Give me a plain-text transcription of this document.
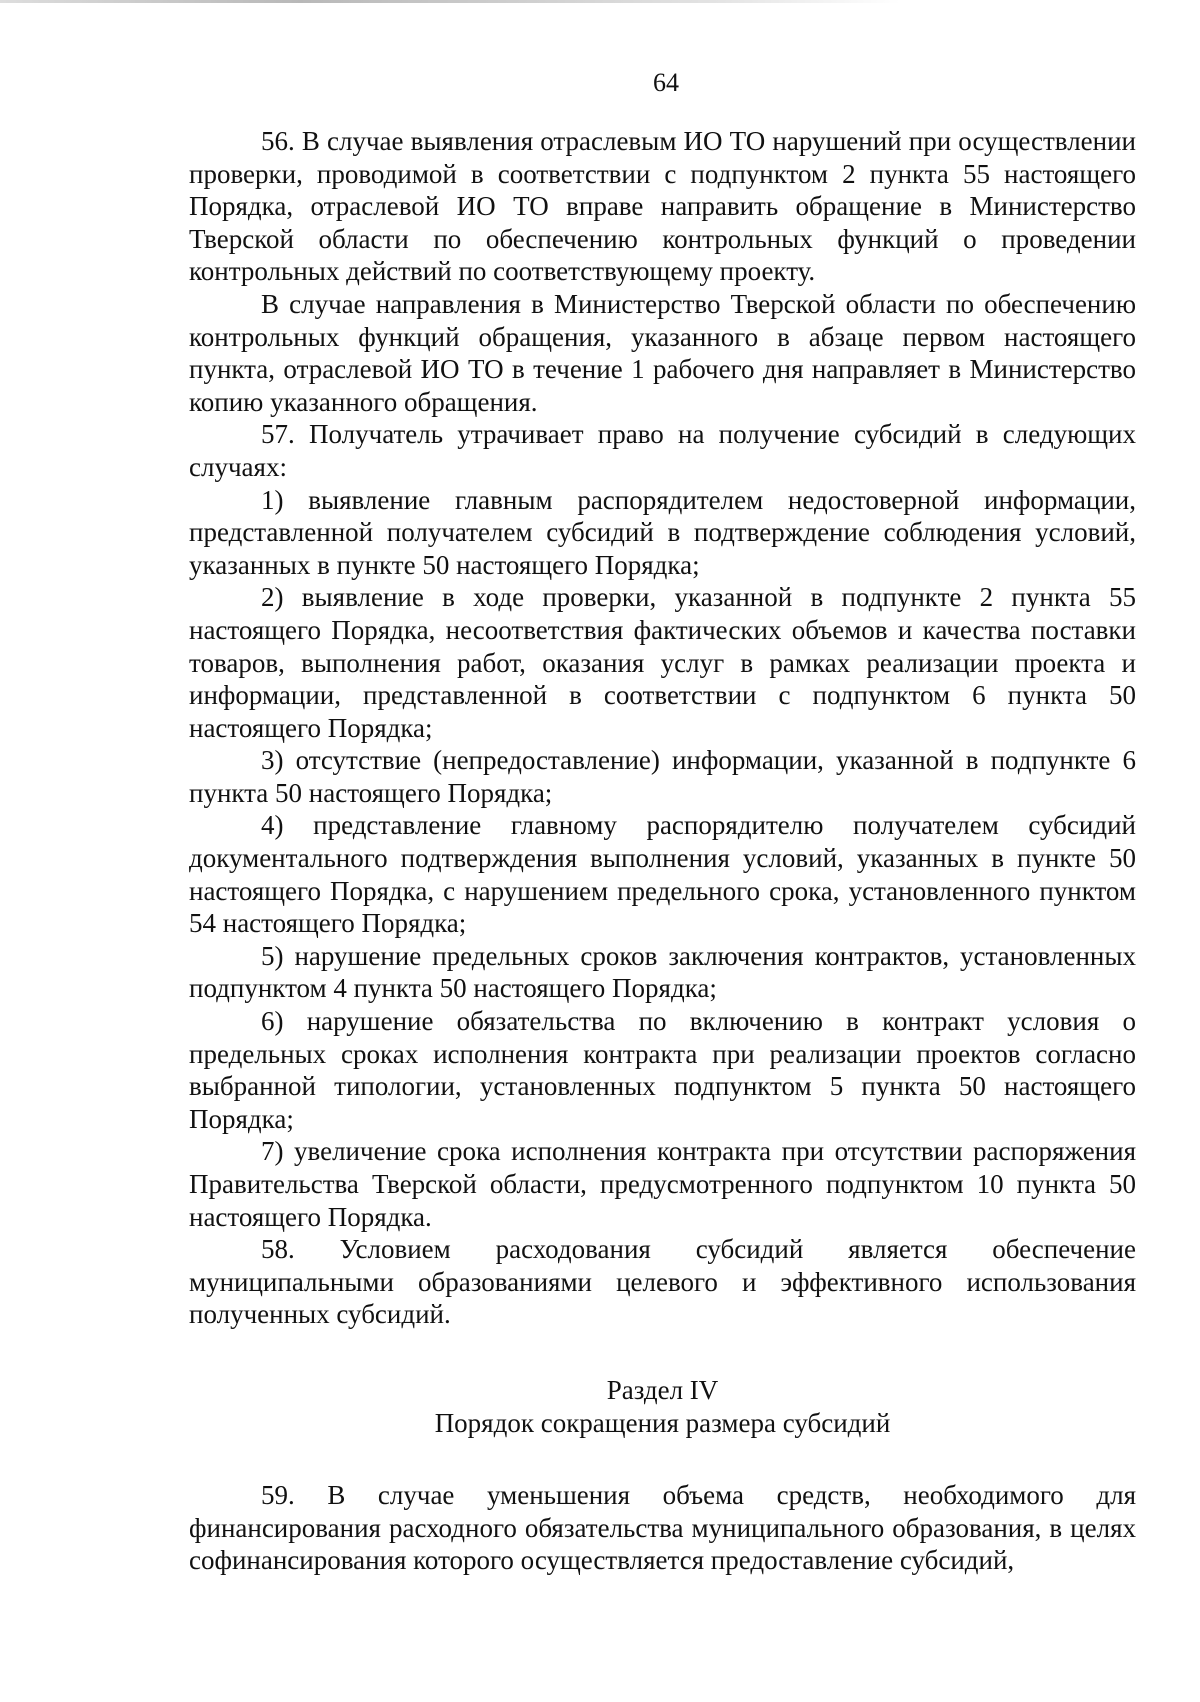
64

56. В случае выявления отраслевым ИО ТО нарушений при осуществлении проверки, проводимой в соответствии с подпунктом 2 пункта 55 настоящего Порядка, отраслевой ИО ТО вправе направить обращение в Министерство Тверской области по обеспечению контрольных функций о проведении контрольных действий по соответствующему проекту.

В случае направления в Министерство Тверской области по обеспечению контрольных функций обращения, указанного в абзаце первом настоящего пункта, отраслевой ИО ТО в течение 1 рабочего дня направляет в Министерство копию указанного обращения.

57. Получатель утрачивает право на получение субсидий в следующих случаях:

1) выявление главным распорядителем недостоверной информации, представленной получателем субсидий в подтверждение соблюдения условий, указанных в пункте 50 настоящего Порядка;

2) выявление в ходе проверки, указанной в подпункте 2 пункта 55 настоящего Порядка, несоответствия фактических объемов и качества поставки товаров, выполнения работ, оказания услуг в рамках реализации проекта и информации, представленной в соответствии с подпунктом 6 пункта 50 настоящего Порядка;

3) отсутствие (непредоставление) информации, указанной в подпункте 6 пункта 50 настоящего Порядка;

4) представление главному распорядителю получателем субсидий документального подтверждения выполнения условий, указанных в пункте 50 настоящего Порядка, с нарушением предельного срока, установленного пунктом 54 настоящего Порядка;

5) нарушение предельных сроков заключения контрактов, установленных подпунктом 4 пункта 50 настоящего Порядка;

6) нарушение обязательства по включению в контракт условия о предельных сроках исполнения контракта при реализации проектов согласно выбранной типологии, установленных подпунктом 5 пункта 50 настоящего Порядка;

7) увеличение срока исполнения контракта при отсутствии распоряжения Правительства Тверской области, предусмотренного подпунктом 10 пункта 50 настоящего Порядка.

58. Условием расходования субсидий является обеспечение муниципальными образованиями целевого и эффективного использования полученных субсидий.

Раздел IV

Порядок сокращения размера субсидий

59. В случае уменьшения объема средств, необходимого для финансирования расходного обязательства муниципального образования, в целях софинансирования которого осуществляется предоставление субсидий,
